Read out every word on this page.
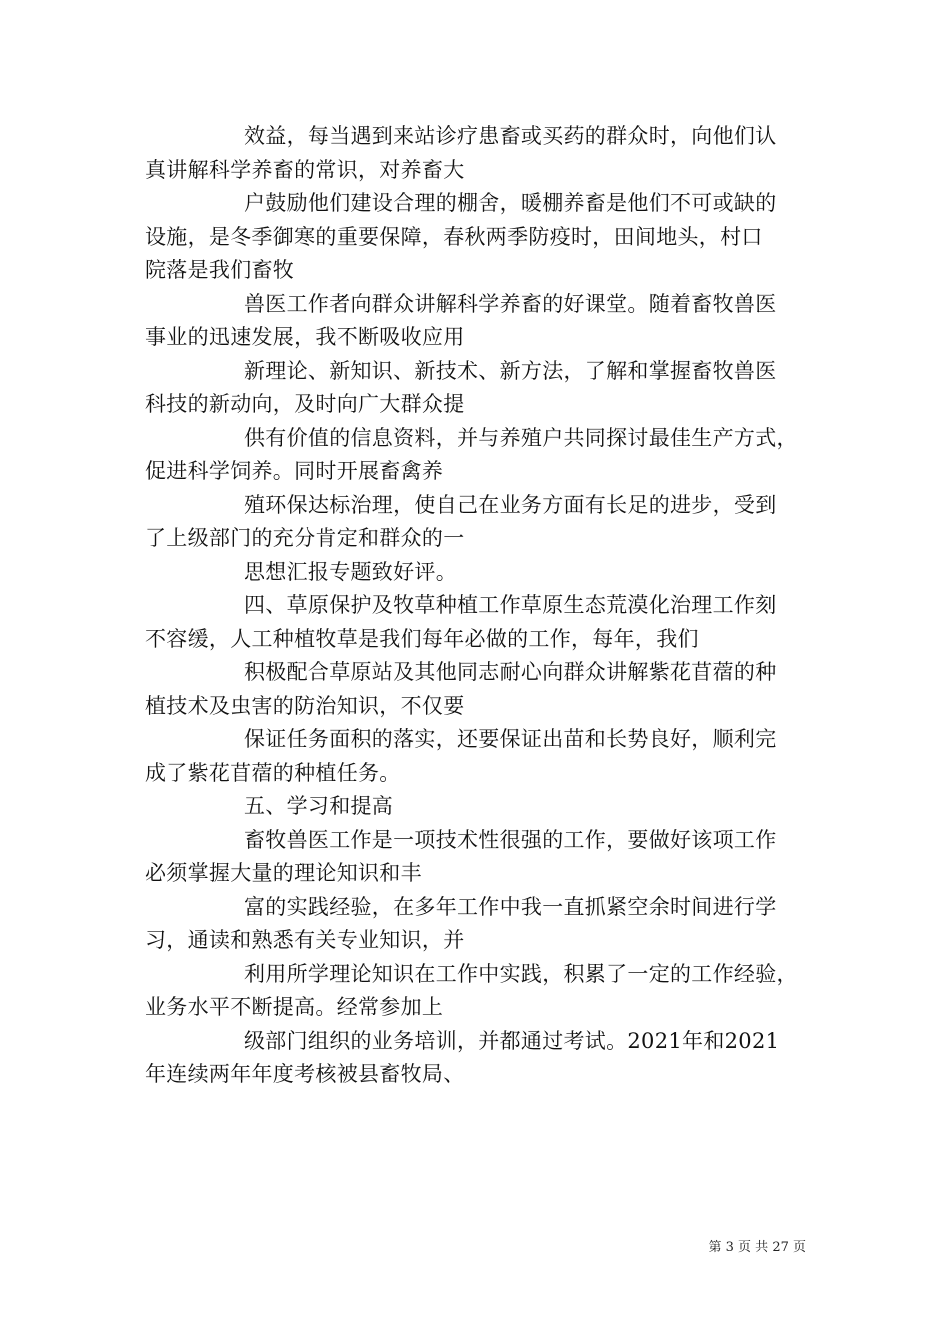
效益，每当遇到来站诊疗患畜或买药的群众时，向他们认
真讲解科学养畜的常识，对养畜大

户鼓励他们建设合理的棚舍，暖棚养畜是他们不可或缺的
设施，是冬季御寒的重要保障，春秋两季防疫时，田间地头，村口
院落是我们畜牧

兽医工作者向群众讲解科学养畜的好课堂。随着畜牧兽医
事业的迅速发展，我不断吸收应用

新理论、新知识、新技术、新方法，了解和掌握畜牧兽医
科技的新动向，及时向广大群众提

供有价值的信息资料，并与养殖户共同探讨最佳生产方式，
促进科学饲养。同时开展畜禽养

殖环保达标治理，使自己在业务方面有长足的进步，受到
了上级部门的充分肯定和群众的一

思想汇报专题致好评。

四、草原保护及牧草种植工作草原生态荒漠化治理工作刻
不容缓，人工种植牧草是我们每年必做的工作，每年，我们

积极配合草原站及其他同志耐心向群众讲解紫花苜蓿的种
植技术及虫害的防治知识，不仅要

保证任务面积的落实，还要保证出苗和长势良好，顺利完
成了紫花苜蓿的种植任务。

五、学习和提高

畜牧兽医工作是一项技术性很强的工作，要做好该项工作
必须掌握大量的理论知识和丰

富的实践经验，在多年工作中我一直抓紧空余时间进行学
习，通读和熟悉有关专业知识，并

利用所学理论知识在工作中实践，积累了一定的工作经验，
业务水平不断提高。经常参加上

级部门组织的业务培训，并都通过考试。2021年和2021
年连续两年年度考核被县畜牧局、

第 3 页 共 27 页
